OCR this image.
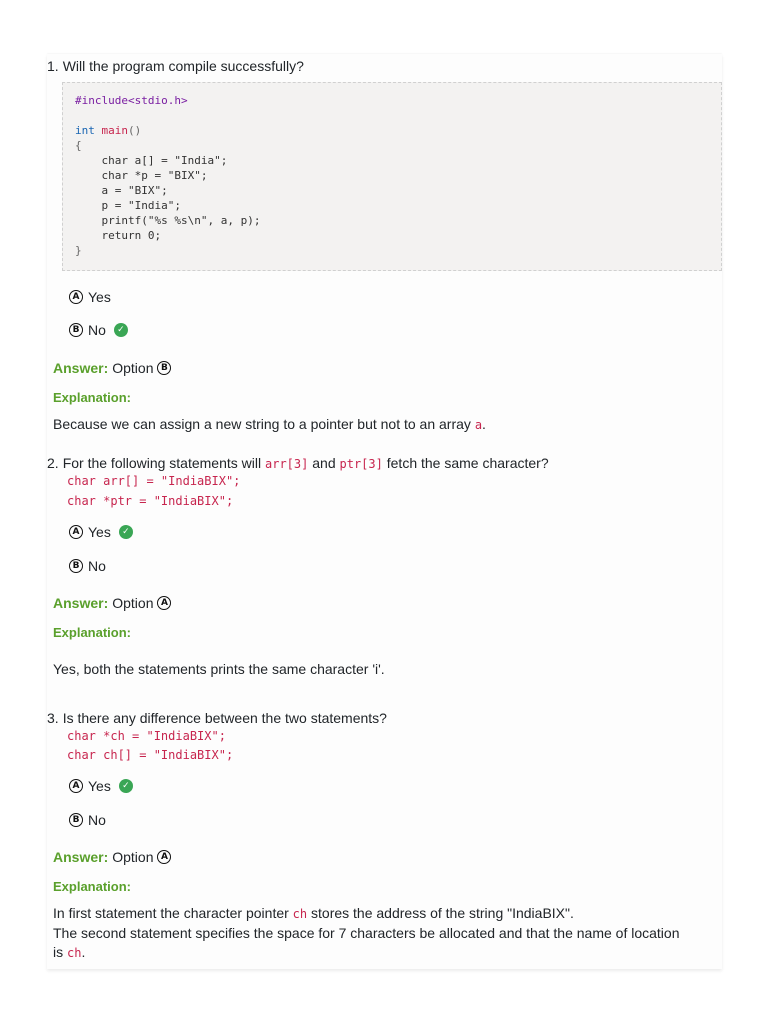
1. Will the program compile successfully?
#include<stdio.h>

int main()
{
char a[] = "India";
char *p = "BIX";
a = "BIX";
p = "India";
printf("%s %s\n", a, p);
return 0;
}
A Yes
B No	✓
Answer: Option B
Explanation:
Because we can assign a new string to a pointer but not to an array a.
2. For the following statements will arr[3] and ptr[3] fetch the same character?
char arr[] = "IndiaBIX";
char *ptr = "IndiaBIX";
A Yes	✓
B No
Answer: Option A
Explanation:
Yes, both the statements prints the same character 'i'.
3. Is there any difference between the two statements?
char *ch = "IndiaBIX";
char ch[] = "IndiaBIX";
A Yes	✓
B No
Answer: Option A
Explanation:
In first statement the character pointer ch stores the address of the string "IndiaBIX".
The second statement specifies the space for 7 characters be allocated and that the name of location
is ch.
